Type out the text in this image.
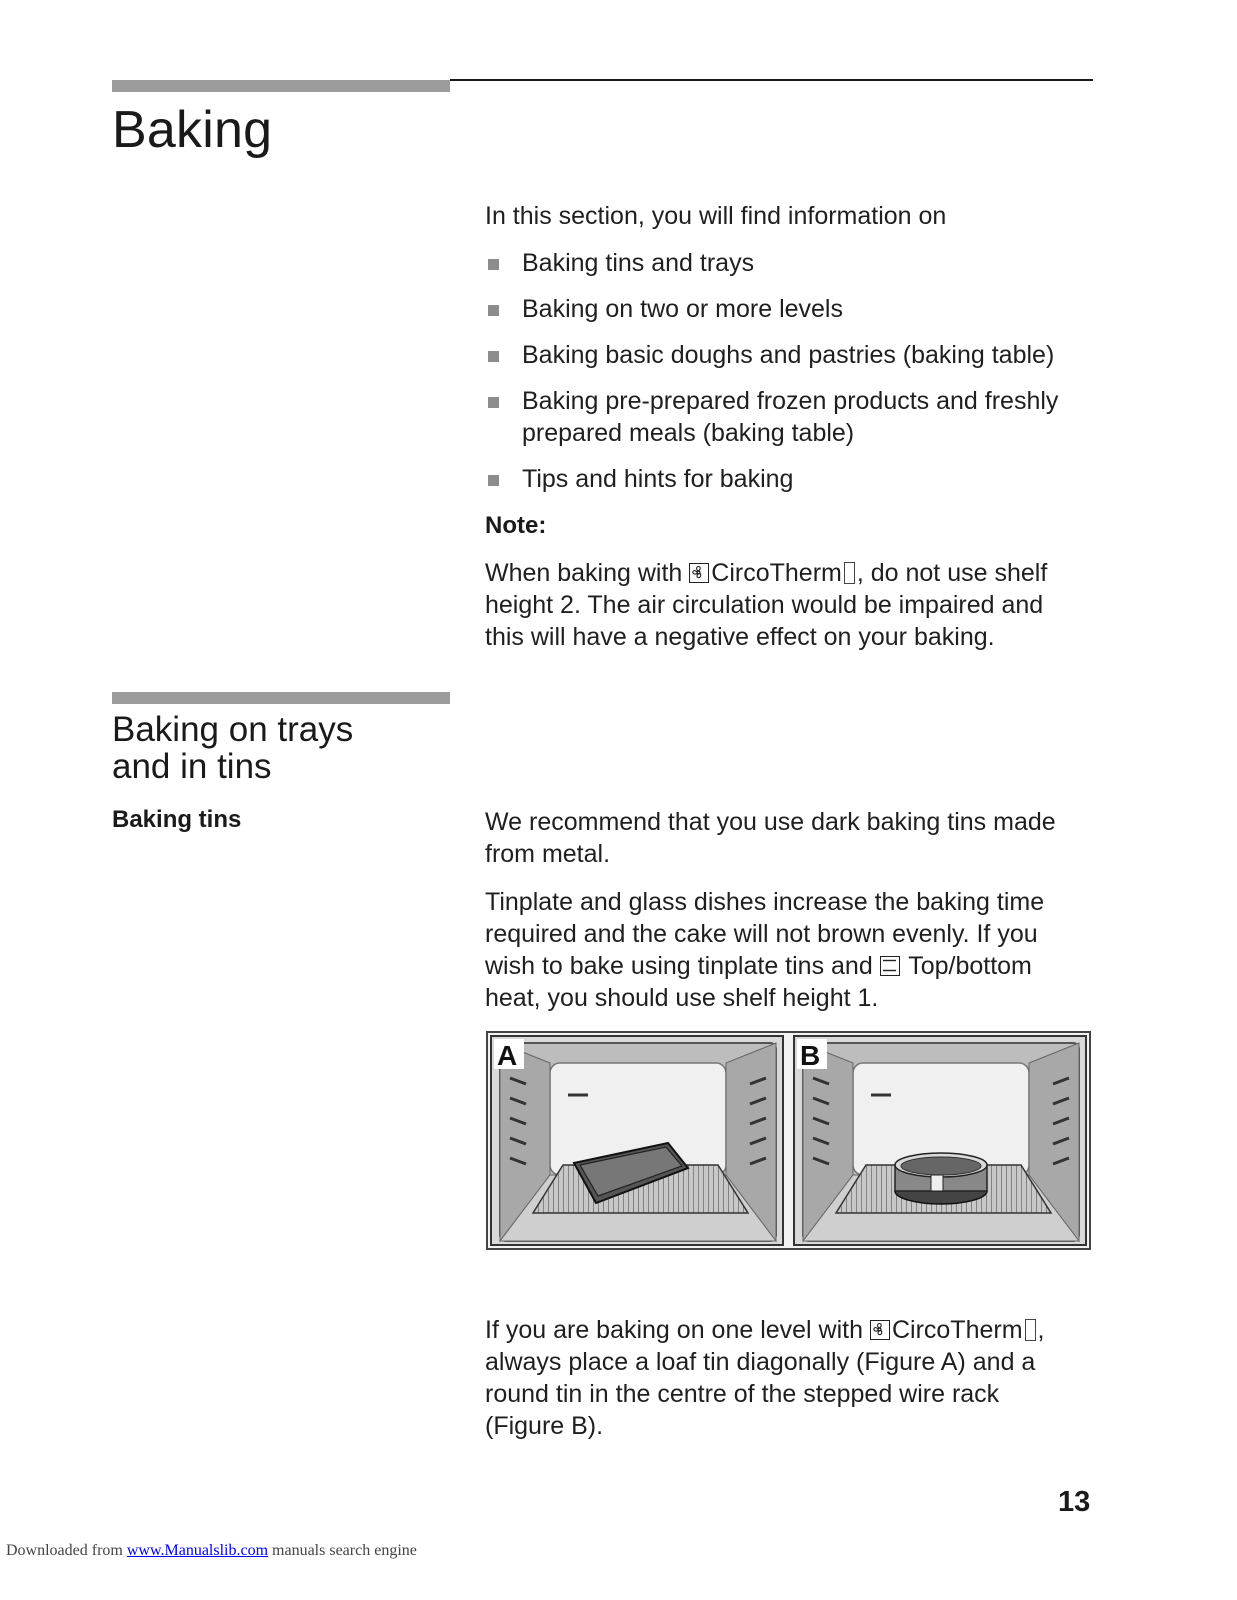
Baking

In this section, you will find information on

Baking tins and trays
Baking on two or more levels
Baking basic doughs and pastries (baking table)
Baking pre-prepared frozen products and freshly prepared meals (baking table)
Tips and hints for baking

Note:

When baking with CircoTherm , do not use shelf height 2. The air circulation would be impaired and this will have a negative effect on your baking.

Baking on trays
and in tins

Baking tins	We recommend that you use dark baking tins made from metal.

Tinplate and glass dishes increase the baking time required and the cake will not brown evenly. If you wish to bake using tinplate tins and Top/bottom heat, you should use shelf height 1.

A	B

If you are baking on one level with CircoTherm , always place a loaf tin diagonally (Figure A) and a round tin in the centre of the stepped wire rack (Figure B).

13
Downloaded from www.Manualslib.com manuals search engine
